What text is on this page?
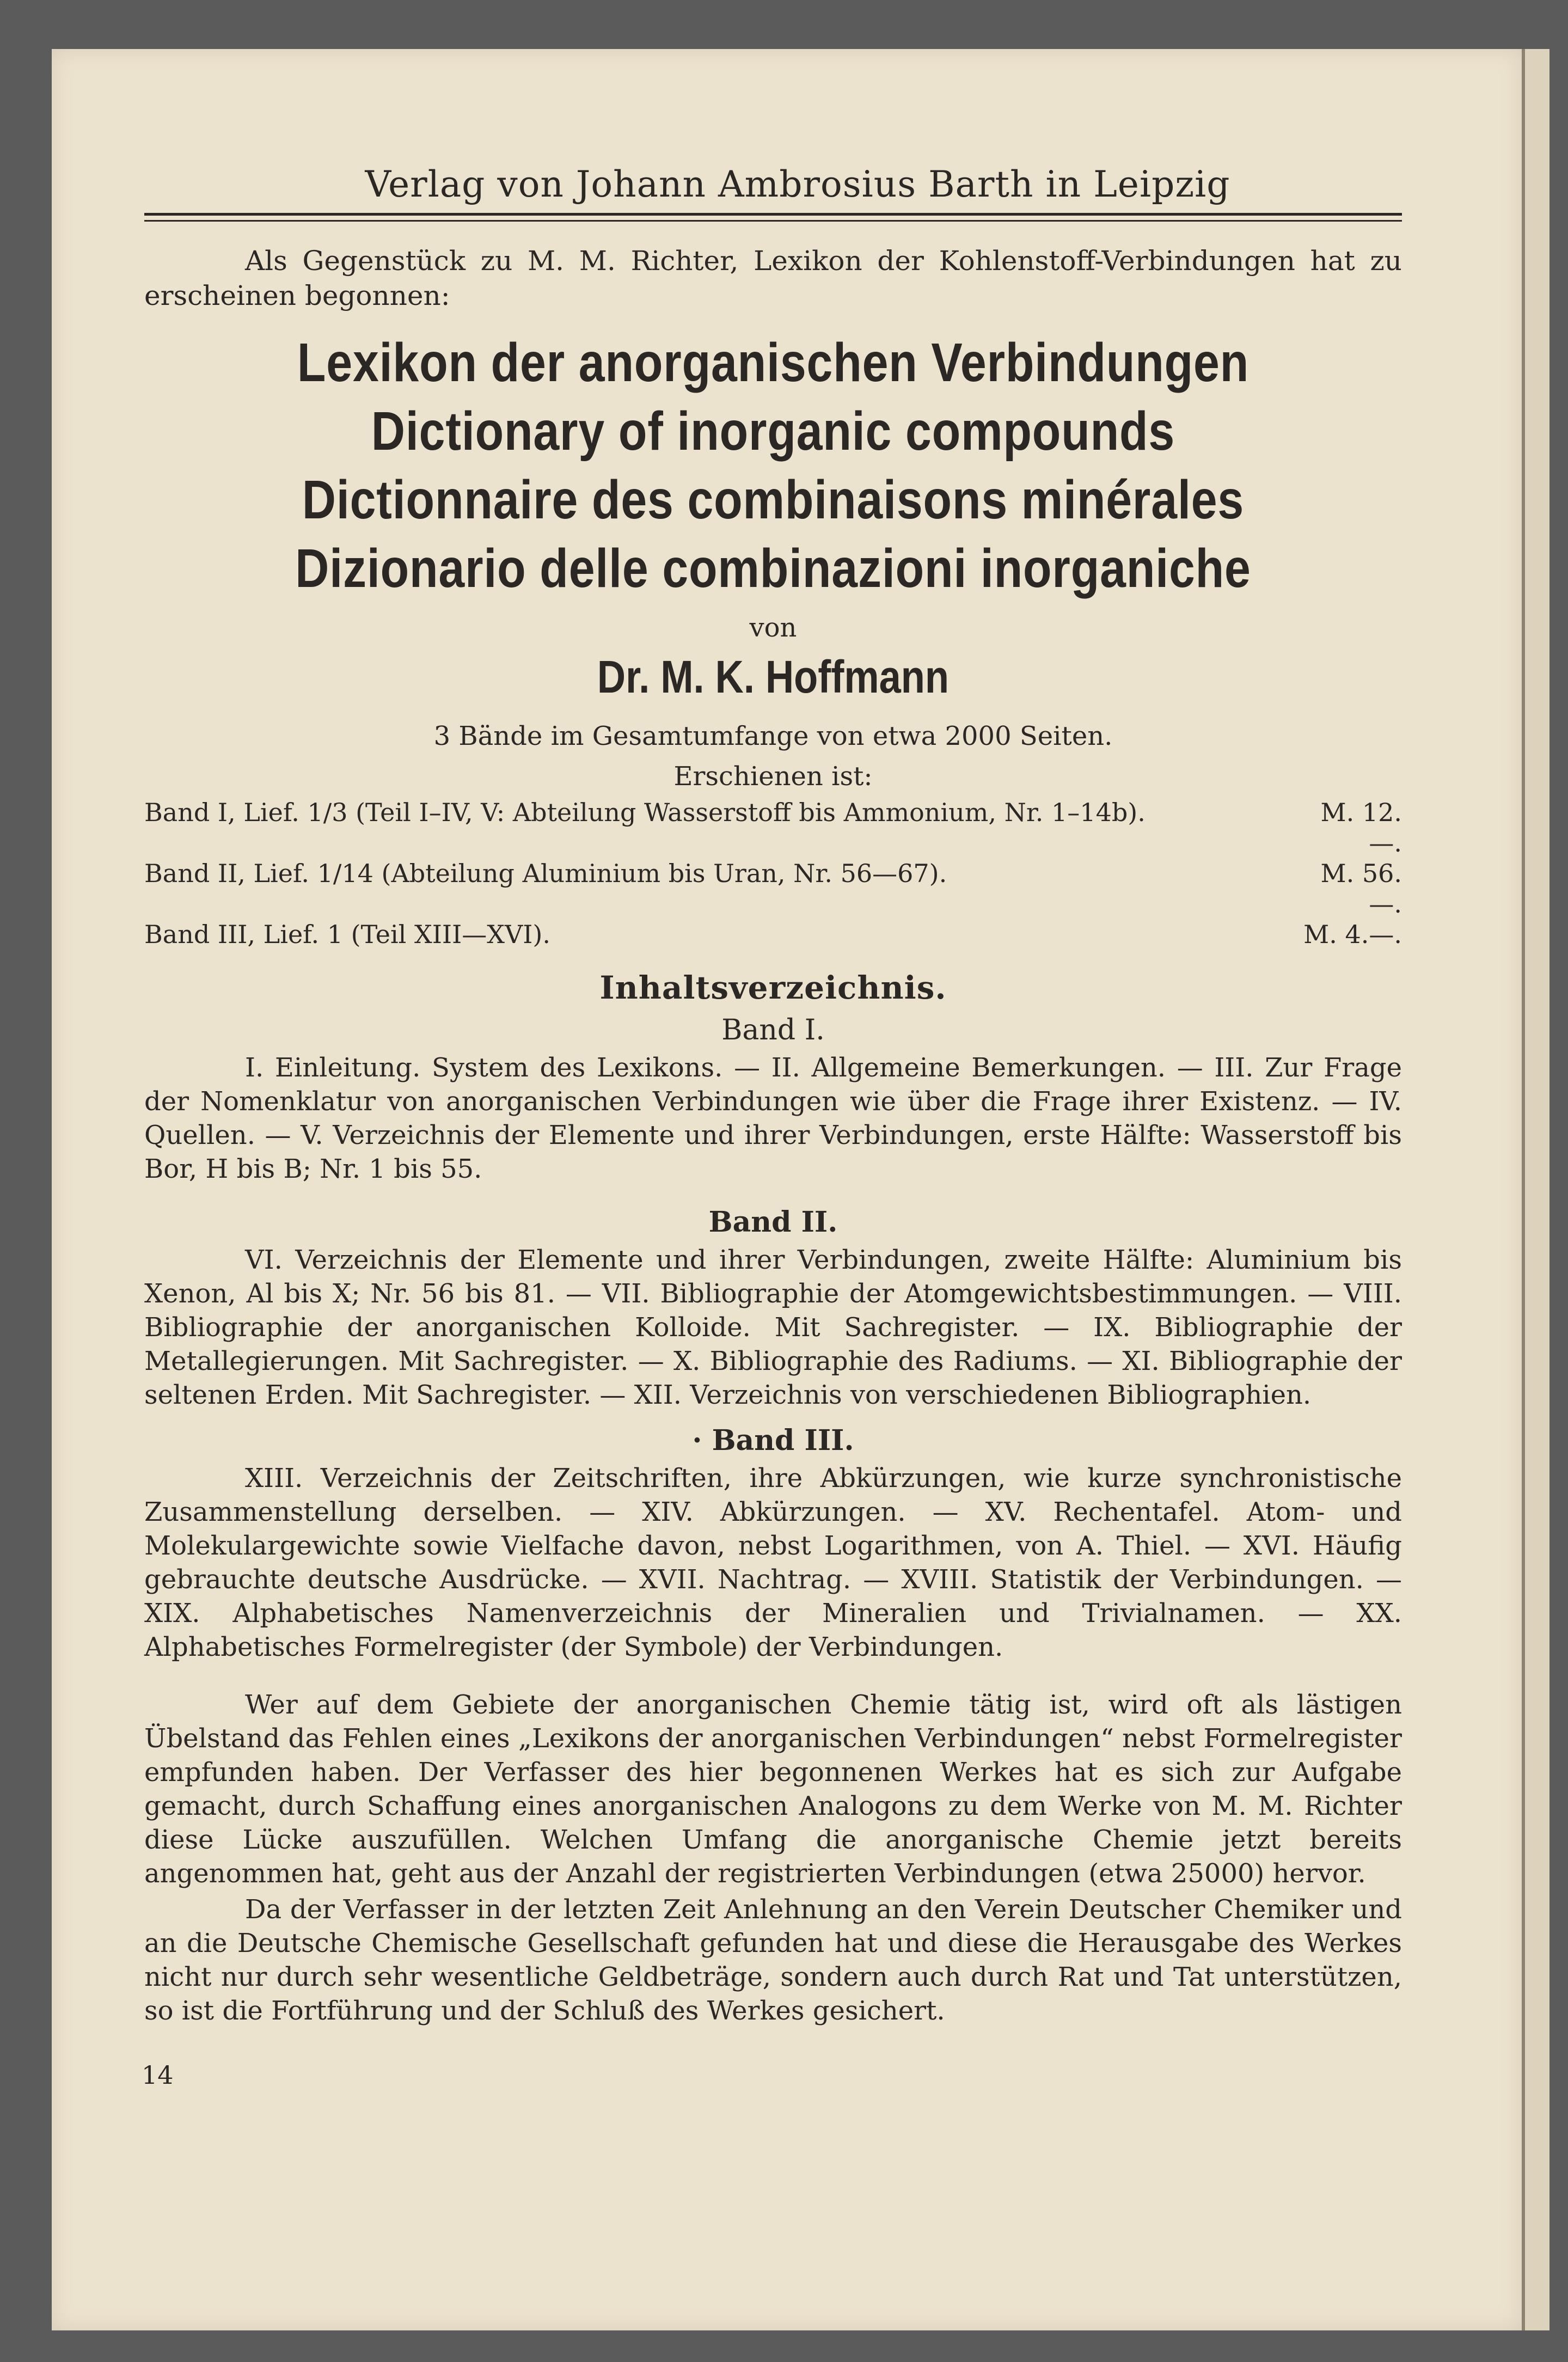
Verlag von Johann Ambrosius Barth in Leipzig

Als Gegenstück zu M. M. Richter, Lexikon der Kohlenstoff-Verbindungen hat zu erscheinen begonnen:

Lexikon der anorganischen Verbindungen

Dictionary of inorganic compounds

Dictionnaire des combinaisons minérales

Dizionario delle combinazioni inorganiche

von

Dr. M. K. Hoffmann

3 Bände im Gesamtumfange von etwa 2000 Seiten.

Erschienen ist:

Band I, Lief. 1/3 (Teil I–IV, V: Abteilung Wasserstoff bis Ammonium, Nr. 1–14b).	M. 12.—.
Band II, Lief. 1/14 (Abteilung Aluminium bis Uran, Nr. 56—67).	M. 56.—.
Band III, Lief. 1 (Teil XIII—XVI).	M. 4.—.

Inhaltsverzeichnis.

Band I.

I. Einleitung. System des Lexikons. — II. Allgemeine Bemerkungen. — III. Zur Frage der Nomenklatur von anorganischen Verbindungen wie über die Frage ihrer Existenz. — IV. Quellen. — V. Verzeichnis der Elemente und ihrer Verbindungen, erste Hälfte: Wasserstoff bis Bor, H bis B; Nr. 1 bis 55.

Band II.

VI. Verzeichnis der Elemente und ihrer Verbindungen, zweite Hälfte: Aluminium bis Xenon, Al bis X; Nr. 56 bis 81. — VII. Bibliographie der Atomgewichtsbestimmungen. — VIII. Bibliographie der anorganischen Kolloide. Mit Sachregister. — IX. Bibliographie der Metallegierungen. Mit Sachregister. — X. Bibliographie des Radiums. — XI. Bibliographie der seltenen Erden. Mit Sachregister. — XII. Verzeichnis von verschiedenen Bibliographien.

· Band III.

XIII. Verzeichnis der Zeitschriften, ihre Abkürzungen, wie kurze synchronistische Zusammenstellung derselben. — XIV. Abkürzungen. — XV. Rechentafel. Atom- und Molekulargewichte sowie Vielfache davon, nebst Logarithmen, von A. Thiel. — XVI. Häufig gebrauchte deutsche Ausdrücke. — XVII. Nachtrag. — XVIII. Statistik der Verbindungen. — XIX. Alphabetisches Namenverzeichnis der Mineralien und Trivialnamen. — XX. Alphabetisches Formelregister (der Symbole) der Verbindungen.

Wer auf dem Gebiete der anorganischen Chemie tätig ist, wird oft als lästigen Übelstand das Fehlen eines „Lexikons der anorganischen Verbindungen“ nebst Formelregister empfunden haben. Der Verfasser des hier begonnenen Werkes hat es sich zur Aufgabe gemacht, durch Schaffung eines anorganischen Analogons zu dem Werke von M. M. Richter diese Lücke auszufüllen. Welchen Umfang die anorganische Chemie jetzt bereits angenommen hat, geht aus der Anzahl der registrierten Verbindungen (etwa 25000) hervor.

Da der Verfasser in der letzten Zeit Anlehnung an den Verein Deutscher Chemiker und an die Deutsche Chemische Gesellschaft gefunden hat und diese die Herausgabe des Werkes nicht nur durch sehr wesentliche Geldbeträge, sondern auch durch Rat und Tat unterstützen, so ist die Fortführung und der Schluß des Werkes gesichert.

14
